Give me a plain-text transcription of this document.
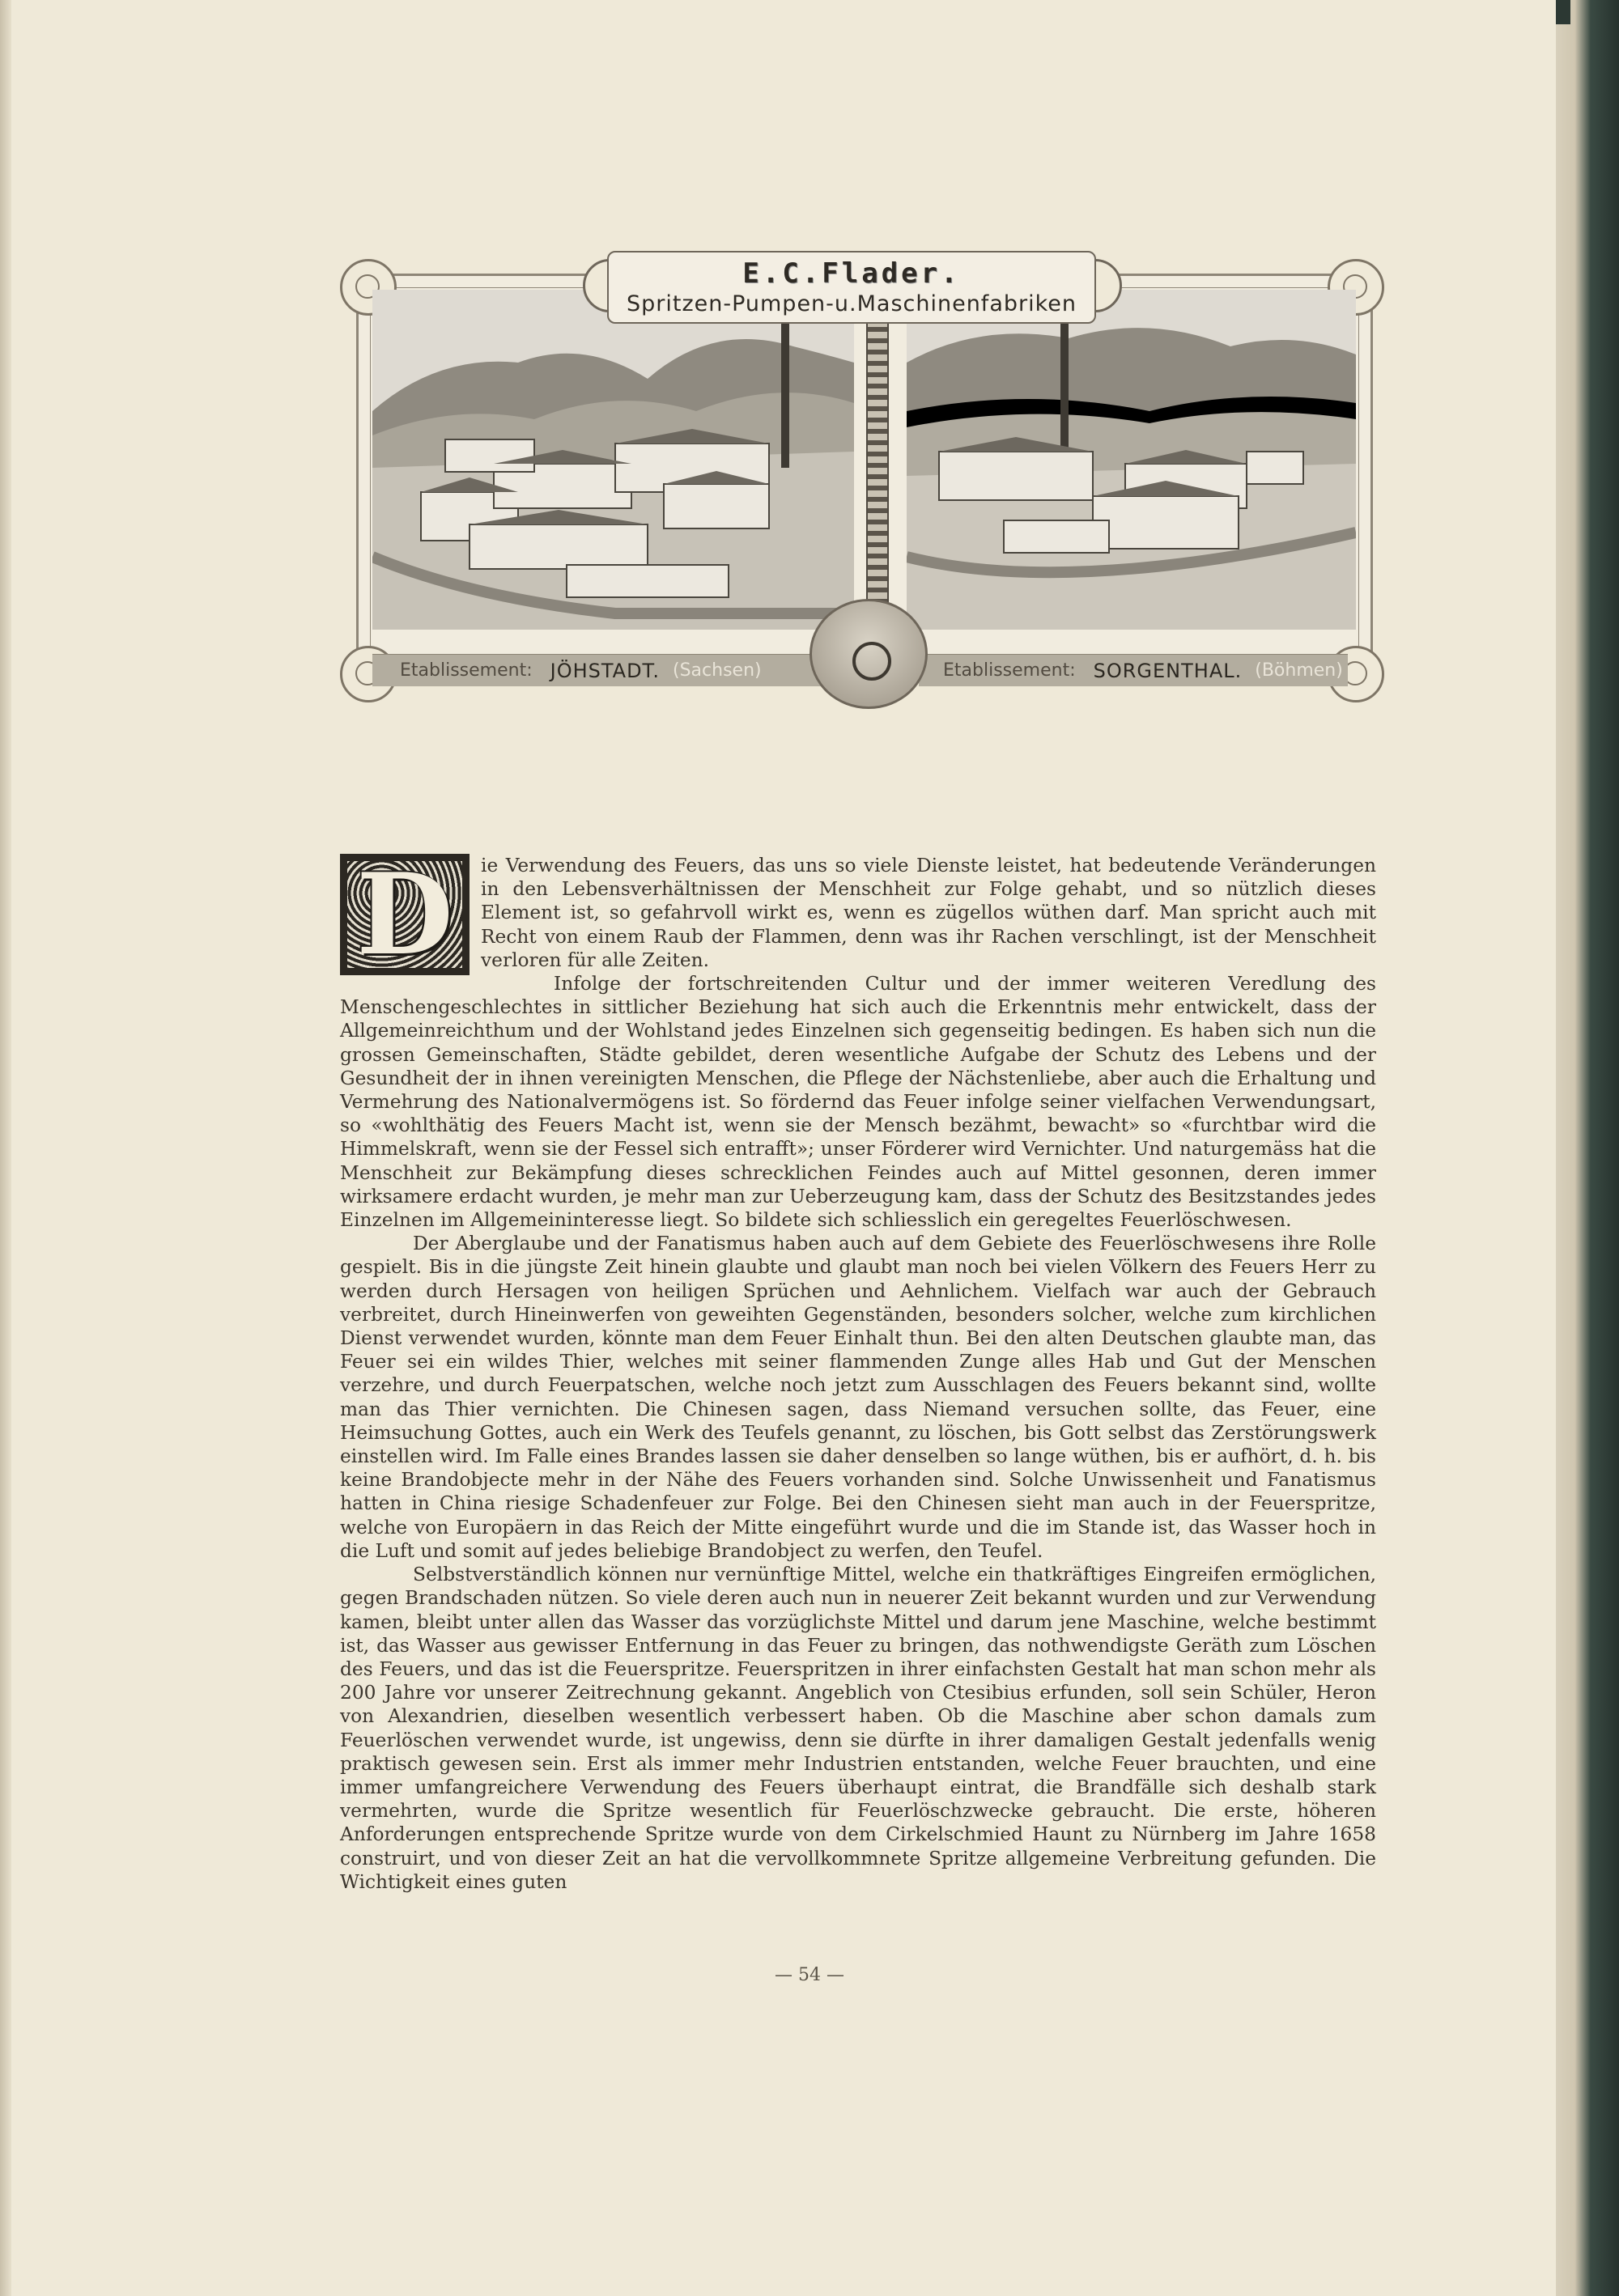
E.C.Flader.
Spritzen-Pumpen-u.Maschinenfabriken
Etablissement: JÖHSTADT. (Sachsen)	Etablissement: SORGENTHAL. (Böhmen)
D	ie Verwendung des Feuers, das uns so viele Dienste leistet, hat bedeutende Veränderungen in den Lebensverhältnissen der Menschheit zur Folge gehabt, und so nützlich dieses Element ist, so gefahrvoll wirkt es, wenn es zügellos wüthen darf. Man spricht auch mit Recht von einem Raub der Flammen, denn was ihr Rachen verschlingt, ist der Menschheit verloren für alle Zeiten.

Infolge der fortschreitenden Cultur und der immer weiteren Veredlung des Menschengeschlechtes in sittlicher Beziehung hat sich auch die Erkenntnis mehr entwickelt, dass der Allgemeinreichthum und der Wohlstand jedes Einzelnen sich gegenseitig bedingen. Es haben sich nun die grossen Gemeinschaften, Städte gebildet, deren wesentliche Aufgabe der Schutz des Lebens und der Gesundheit der in ihnen vereinigten Menschen, die Pflege der Nächstenliebe, aber auch die Erhaltung und Vermehrung des Nationalvermögens ist. So fördernd das Feuer infolge seiner vielfachen Verwendungsart, so «wohlthätig des Feuers Macht ist, wenn sie der Mensch bezähmt, bewacht» so «furchtbar wird die Himmelskraft, wenn sie der Fessel sich entrafft»; unser Förderer wird Vernichter. Und naturgemäss hat die Menschheit zur Bekämpfung dieses schrecklichen Feindes auch auf Mittel gesonnen, deren immer wirksamere erdacht wurden, je mehr man zur Ueberzeugung kam, dass der Schutz des Besitzstandes jedes Einzelnen im Allgemeininteresse liegt. So bildete sich schliesslich ein geregeltes Feuerlöschwesen.

Der Aberglaube und der Fanatismus haben auch auf dem Gebiete des Feuerlöschwesens ihre Rolle gespielt. Bis in die jüngste Zeit hinein glaubte und glaubt man noch bei vielen Völkern des Feuers Herr zu werden durch Hersagen von heiligen Sprüchen und Aehnlichem. Vielfach war auch der Gebrauch verbreitet, durch Hineinwerfen von geweihten Gegenständen, besonders solcher, welche zum kirchlichen Dienst verwendet wurden, könnte man dem Feuer Einhalt thun. Bei den alten Deutschen glaubte man, das Feuer sei ein wildes Thier, welches mit seiner flammenden Zunge alles Hab und Gut der Menschen verzehre, und durch Feuerpatschen, welche noch jetzt zum Ausschlagen des Feuers bekannt sind, wollte man das Thier vernichten. Die Chinesen sagen, dass Niemand versuchen sollte, das Feuer, eine Heimsuchung Gottes, auch ein Werk des Teufels genannt, zu löschen, bis Gott selbst das Zerstörungswerk einstellen wird. Im Falle eines Brandes lassen sie daher denselben so lange wüthen, bis er aufhört, d. h. bis keine Brandobjecte mehr in der Nähe des Feuers vorhanden sind. Solche Unwissenheit und Fanatismus hatten in China riesige Schadenfeuer zur Folge. Bei den Chinesen sieht man auch in der Feuerspritze, welche von Europäern in das Reich der Mitte eingeführt wurde und die im Stande ist, das Wasser hoch in die Luft und somit auf jedes beliebige Brandobject zu werfen, den Teufel.

Selbstverständlich können nur vernünftige Mittel, welche ein thatkräftiges Eingreifen ermöglichen, gegen Brandschaden nützen. So viele deren auch nun in neuerer Zeit bekannt wurden und zur Verwendung kamen, bleibt unter allen das Wasser das vorzüglichste Mittel und darum jene Maschine, welche bestimmt ist, das Wasser aus gewisser Entfernung in das Feuer zu bringen, das nothwendigste Geräth zum Löschen des Feuers, und das ist die Feuerspritze. Feuerspritzen in ihrer einfachsten Gestalt hat man schon mehr als 200 Jahre vor unserer Zeitrechnung gekannt. Angeblich von Ctesibius erfunden, soll sein Schüler, Heron von Alexandrien, dieselben wesentlich verbessert haben. Ob die Maschine aber schon damals zum Feuerlöschen verwendet wurde, ist ungewiss, denn sie dürfte in ihrer damaligen Gestalt jedenfalls wenig praktisch gewesen sein. Erst als immer mehr Industrien entstanden, welche Feuer brauchten, und eine immer umfangreichere Verwendung des Feuers überhaupt eintrat, die Brandfälle sich deshalb stark vermehrten, wurde die Spritze wesentlich für Feuerlöschzwecke gebraucht. Die erste, höheren Anforderungen entsprechende Spritze wurde von dem Cirkelschmied Haunt zu Nürnberg im Jahre 1658 construirt, und von dieser Zeit an hat die vervollkommnete Spritze allgemeine Verbreitung gefunden. Die Wichtigkeit eines guten

— 54 —
